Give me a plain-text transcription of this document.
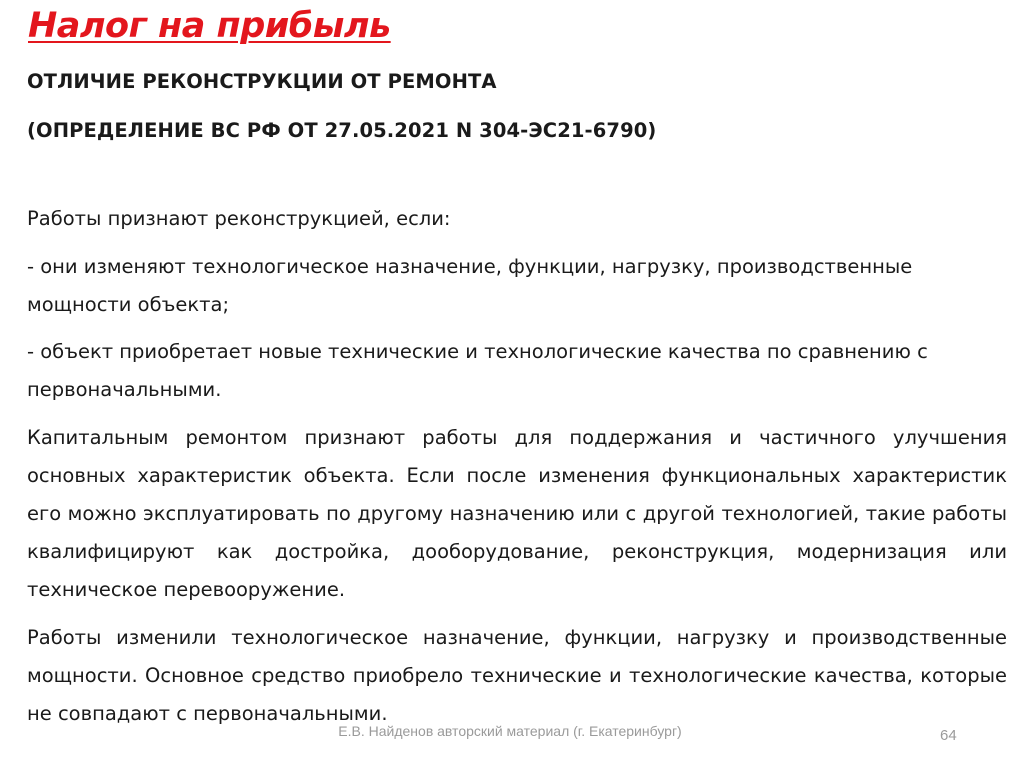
Налог на прибыль
ОТЛИЧИЕ РЕКОНСТРУКЦИИ ОТ РЕМОНТА
(ОПРЕДЕЛЕНИЕ ВС РФ ОТ 27.05.2021 N 304-ЭС21-6790)

Работы признают реконструкцией, если:

- они изменяют технологическое назначение, функции, нагрузку, производственные мощности объекта;

- объект приобретает новые технические и технологические качества по сравнению с первоначальными.

Капитальным ремонтом признают работы для поддержания и частичного улучшения основных характеристик объекта. Если после изменения функциональных характеристик его можно эксплуатировать по другому назначению или с другой технологией, такие работы квалифицируют как достройка, дооборудование, реконструкция, модернизация или техническое перевооружение.

Работы изменили технологическое назначение, функции, нагрузку и производственные мощности. Основное средство приобрело технические и технологические качества, которые не совпадают с первоначальными.

Е.В. Найденов авторский материал (г. Екатеринбург)	64
